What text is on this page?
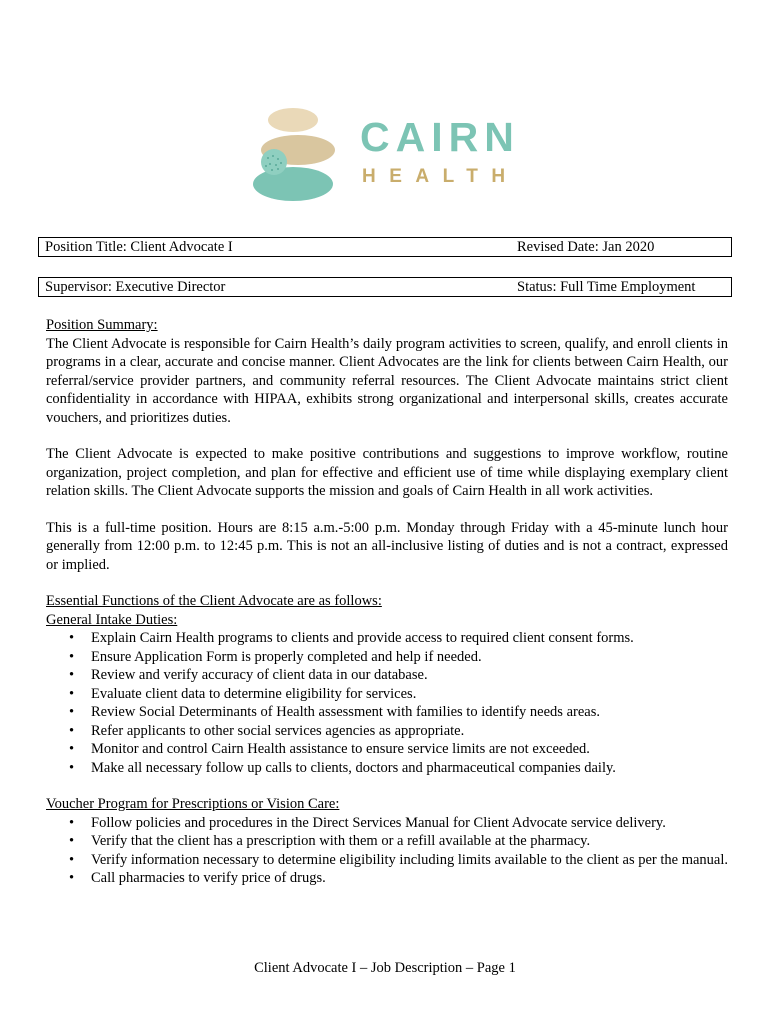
CAIRN
HEALTH
Position Title: Client Advocate I	Revised Date: Jan 2020
Supervisor: Executive Director	Status: Full Time Employment
Position Summary:

The Client Advocate is responsible for Cairn Health’s daily program activities to screen, qualify, and enroll clients in programs in a clear, accurate and concise manner. Client Advocates are the link for clients between Cairn Health, our referral/service provider partners, and community referral resources. The Client Advocate maintains strict client confidentiality in accordance with HIPAA, exhibits strong organizational and interpersonal skills, creates accurate vouchers, and prioritizes duties.

The Client Advocate is expected to make positive contributions and suggestions to improve workflow, routine organization, project completion, and plan for effective and efficient use of time while displaying exemplary client relation skills. The Client Advocate supports the mission and goals of Cairn Health in all work activities.

This is a full-time position. Hours are 8:15 a.m.-5:00 p.m. Monday through Friday with a 45-minute lunch hour generally from 12:00 p.m. to 12:45 p.m. This is not an all-inclusive listing of duties and is not a contract, expressed or implied.

Essential Functions of the Client Advocate are as follows:
General Intake Duties:
• Explain Cairn Health programs to clients and provide access to required client consent forms.
• Ensure Application Form is properly completed and help if needed.
• Review and verify accuracy of client data in our database.
• Evaluate client data to determine eligibility for services.
• Review Social Determinants of Health assessment with families to identify needs areas.
• Refer applicants to other social services agencies as appropriate.
• Monitor and control Cairn Health assistance to ensure service limits are not exceeded.
• Make all necessary follow up calls to clients, doctors and pharmaceutical companies daily.
Voucher Program for Prescriptions or Vision Care:
• Follow policies and procedures in the Direct Services Manual for Client Advocate service delivery.
• Verify that the client has a prescription with them or a refill available at the pharmacy.
• Verify information necessary to determine eligibility including limits available to the client as per the manual.
• Call pharmacies to verify price of drugs.
Client Advocate I – Job Description – Page 1
